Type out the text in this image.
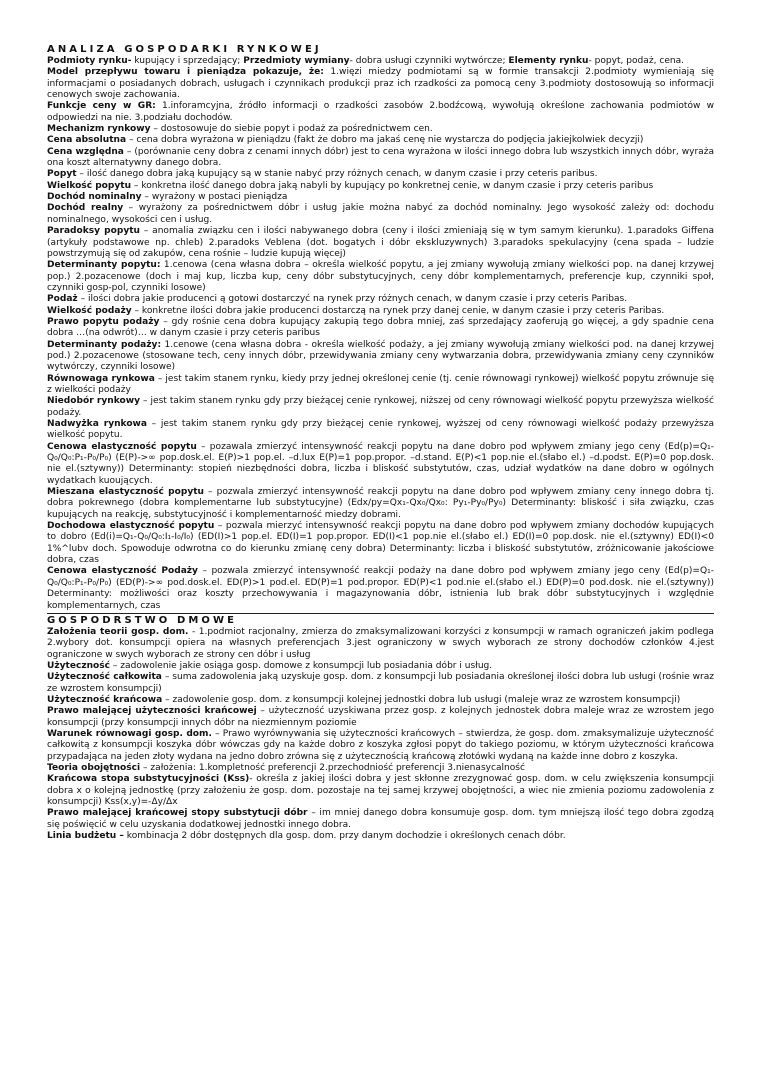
ANALIZA GOSPODARKI RYNKOWEJ

Podmioty rynku- kupujący i sprzedający; Przedmioty wymiany- dobra usługi czynniki wytwórcze; Elementy rynku- popyt, podaż, cena.

Model przepływu towaru i pieniądza pokazuje, że: 1.więzi miedzy podmiotami są w formie transakcji 2.podmioty wymieniają się informacjami o posiadanych dobrach, usługach i czynnikach produkcji praz ich rzadkości za pomocą ceny 3.podmioty dostosowują so informacji cenowych swoje zachowania.

Funkcje ceny w GR: 1.inforamcyjna, źródło informacji o rzadkości zasobów 2.bodźcową, wywołują określone zachowania podmiotów w odpowiedzi na nie. 3.podziału dochodów.

Mechanizm rynkowy – dostosowuje do siebie popyt i podaż za pośrednictwem cen.

Cena absolutna – cena dobra wyrażona w pieniądzu (fakt że dobro ma jakaś cenę nie wystarcza do podjęcia jakiejkolwiek decyzji)

Cena względna – (porównanie ceny dobra z cenami innych dóbr) jest to cena wyrażona w ilości innego dobra lub wszystkich innych dóbr, wyraża ona koszt alternatywny danego dobra.

Popyt – ilość danego dobra jaką kupujący są w stanie nabyć przy różnych cenach, w danym czasie i przy ceteris paribus.

Wielkość popytu – konkretna ilość danego dobra jaką nabyli by kupujący po konkretnej cenie, w danym czasie i przy ceteris paribus

Dochód nominalny – wyrażony w postaci pieniądza

Dochód realny – wyrażony za pośrednictwem dóbr i usług jakie można nabyć za dochód nominalny. Jego wysokość zależy od: dochodu nominalnego, wysokości cen i usług.

Paradoksy popytu – anomalia związku cen i ilości nabywanego dobra (ceny i ilości zmieniają się w tym samym kierunku). 1.paradoks Giffena (artykuły podstawowe np. chleb) 2.paradoks Veblena (dot. bogatych i dóbr ekskluzywnych) 3.paradoks spekulacyjny (cena spada – ludzie powstrzymują się od zakupów, cena rośnie – ludzie kupują więcej)

Determinanty popytu: 1.cenowa (cena własna dobra – określa wielkość popytu, a jej zmiany wywołują zmiany wielkości pop. na danej krzywej pop.) 2.pozacenowe (doch i maj kup, liczba kup, ceny dóbr substytucyjnych, ceny dóbr komplementarnych, preferencje kup, czynniki społ, czynniki gosp-pol, czynniki losowe)

Podaż – ilości dobra jakie producenci ą gotowi dostarczyć na rynek przy różnych cenach, w danym czasie i przy ceteris Paribas.

Wielkość podaży – konkretne ilości dobra jakie producenci dostarczą na rynek przy danej cenie, w danym czasie i przy ceteris Paribas.

Prawo popytu podaży – gdy rośnie cena dobra kupujący zakupią tego dobra mniej, zaś sprzedający zaoferują go więcej, a gdy spadnie cena dobra …(na odwrót)… w danym czasie i przy ceteris paribus

Determinanty podaży: 1.cenowe (cena własna dobra - określa wielkość podaży, a jej zmiany wywołują zmiany wielkości pod. na danej krzywej pod.) 2.pozacenowe (stosowane tech, ceny innych dóbr, przewidywania zmiany ceny wytwarzania dobra, przewidywania zmiany ceny czynników wytwórczy, czynniki losowe)

Równowaga rynkowa – jest takim stanem rynku, kiedy przy jednej określonej cenie (tj. cenie równowagi rynkowej) wielkość popytu zrównuje się z wielkości podaży

Niedobór rynkowy – jest takim stanem rynku gdy przy bieżącej cenie rynkowej, niższej od ceny równowagi wielkość popytu przewyższa wielkość podaży.

Nadwyżka rynkowa – jest takim stanem rynku gdy przy bieżącej cenie rynkowej, wyższej od ceny równowagi wielkość podaży przewyższa wielkość popytu.

Cenowa elastyczność popytu – pozawala zmierzyć intensywność reakcji popytu na dane dobro pod wpływem zmiany jego ceny (Ed(p)=Q₁-Q₀/Q₀:P₁-P₀/P₀) (E(P)->∞ pop.dosk.el. E(P)>1 pop.el. –d.lux E(P)=1 pop.propor. –d.stand. E(P)<1 pop.nie el.(słabo el.) –d.podst. E(P)=0 pop.dosk. nie el.(sztywny)) Determinanty: stopień niezbędności dobra, liczba i bliskość substytutów, czas, udział wydatków na dane dobro w ogólnych wydatkach kuoujących.

Mieszana elastyczność popytu – pozwala zmierzyć intensywność reakcji popytu na dane dobro pod wpływem zmiany ceny innego dobra tj. dobra pokrewnego (dobra komplementarne lub substytucyjne) (Edx/py=Qx₁-Qx₀/Qx₀: Py₁-Py₀/Py₀) Determinanty: bliskość i siła związku, czas kupujących na reakcję, substytucyjność i komplementarność miedzy dobrami.

Dochodowa elastyczność popytu – pozwala mierzyć intensywność reakcji popytu na dane dobro pod wpływem zmiany dochodów kupujących to dobro (Ed(i)=Q₁-Q₀/Q₀:I₁-I₀/I₀) (ED(I)>1 pop.el. ED(I)=1 pop.propor. ED(I)<1 pop.nie el.(słabo el.) ED(I)=0 pop.dosk. nie el.(sztywny) ED(I)<0 1%^lubv doch. Spowoduje odwrotna co do kierunku zmianę ceny dobra) Determinanty: liczba i bliskość substytutów, zróżnicowanie jakościowe dobra, czas

Cenowa elastyczność Podaży – pozwala zmierzyć intensywność reakcji podaży na dane dobro pod wpływem zmiany jego ceny (Ed(p)=Q₁-Q₀/Q₀:P₁-P₀/P₀) (ED(P)->∞ pod.dosk.el. ED(P)>1 pod.el. ED(P)=1 pod.propor. ED(P)<1 pod.nie el.(słabo el.) ED(P)=0 pod.dosk. nie el.(sztywny)) Determinanty: możliwości oraz koszty przechowywania i magazynowania dóbr, istnienia lub brak dóbr substytucyjnych i względnie komplementarnych, czas

GOSPODRSTWO DMOWE

Założenia teorii gosp. dom. - 1.podmiot racjonalny, zmierza do zmaksymalizowani korzyści z konsumpcji w ramach ograniczeń jakim podlega 2.wybory dot. konsumpcji opiera na własnych preferencjach 3.jest ograniczony w swych wyborach ze strony dochodów członków 4.jest ograniczone w swych wyborach ze strony cen dóbr i usług

Użyteczność – zadowolenie jakie osiąga gosp. domowe z konsumpcji lub posiadania dóbr i usług.

Użyteczność całkowita – suma zadowolenia jaką uzyskuje gosp. dom. z konsumpcji lub posiadania określonej ilości dobra lub usługi (rośnie wraz ze wzrostem konsumpcji)

Użyteczność krańcowa – zadowolenie gosp. dom. z konsumpcji kolejnej jednostki dobra lub usługi (maleje wraz ze wzrostem konsumpcji)

Prawo malejącej użyteczności krańcowej – użyteczność uzyskiwana przez gosp. z kolejnych jednostek dobra maleje wraz ze wzrostem jego konsumpcji (przy konsumpcji innych dóbr na niezmiennym poziomie

Warunek równowagi gosp. dom. – Prawo wyrównywania się użyteczności krańcowych – stwierdza, że gosp. dom. zmaksymalizuje użyteczność całkowitą z konsumpcji koszyka dóbr wówczas gdy na każde dobro z koszyka zgłosi popyt do takiego poziomu, w którym użyteczności krańcowa przypadająca na jeden złoty wydana na jedno dobro zrówna się z użytecznością krańcową złotówki wydaną na każde inne dobro z koszyka.

Teoria obojętności – założenia: 1.kompletność preferencji 2.przechodniość preferencji 3.nienasycalność

Krańcowa stopa substytucyjności (Kss)- określa z jakiej ilości dobra y jest skłonne zrezygnować gosp. dom. w celu zwiększenia konsumpcji dobra x o kolejną jednostkę (przy założeniu że gosp. dom. pozostaje na tej samej krzywej obojętności, a wiec nie zmienia poziomu zadowolenia z konsumpcji) Kss(x,y)=-Δy/Δx

Prawo malejącej krańcowej stopy substytucji dóbr – im mniej danego dobra konsumuje gosp. dom. tym mniejszą ilość tego dobra zgodzą się poświęcić w celu uzyskania dodatkowej jednostki innego dobra.

Linia budżetu – kombinacja 2 dóbr dostępnych dla gosp. dom. przy danym dochodzie i określonych cenach dóbr.
